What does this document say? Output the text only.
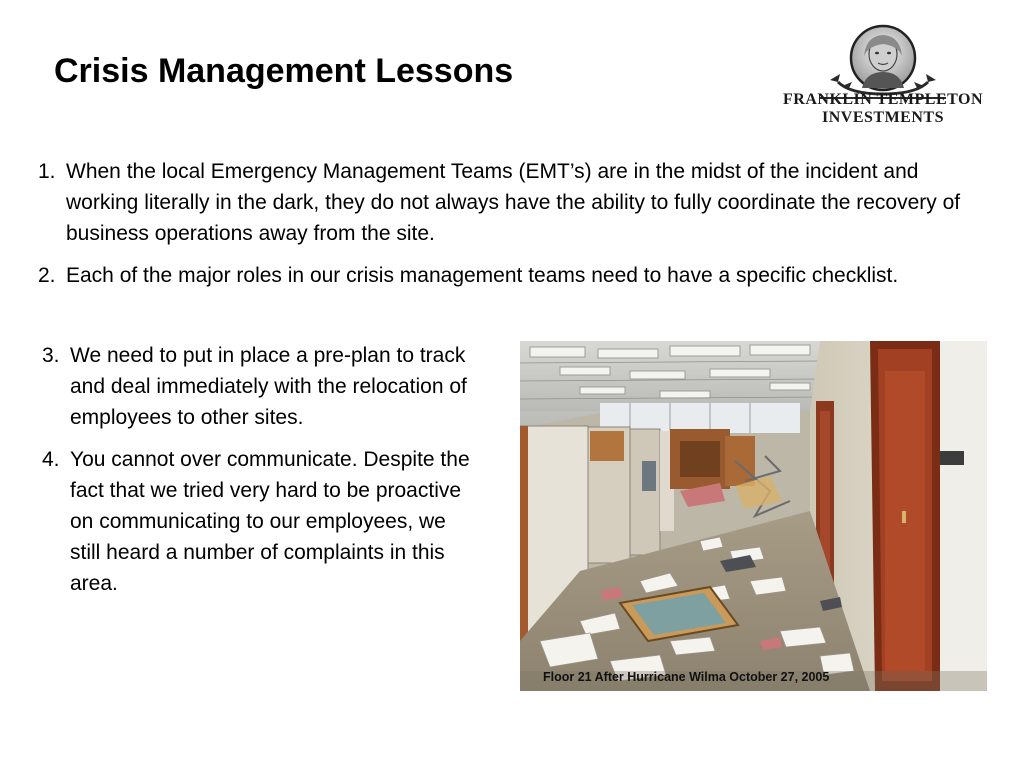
Crisis Management Lessons
FRANKLIN TEMPLETON
INVESTMENTS
1. When the local Emergency Management Teams (EMT’s) are in the midst of the incident and working literally in the dark, they do not always have the ability to fully coordinate the recovery of business operations away from the site.
2. Each of the major roles in our crisis management teams need to have a specific checklist.
3. We need to put in place a pre-plan to track and deal immediately with the relocation of employees to other sites.
4. You cannot over communicate. Despite the fact that we tried very hard to be proactive on communicating to our employees, we still heard a number of complaints in this area.
Floor 21 After Hurricane Wilma October 27, 2005
